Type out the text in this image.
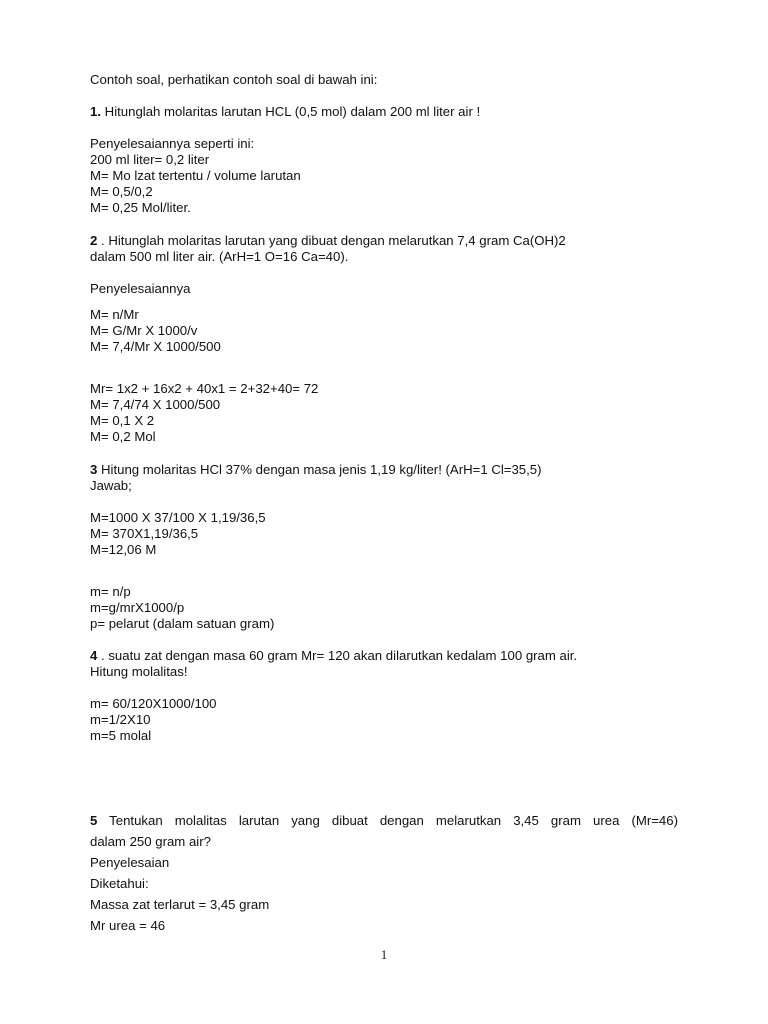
Contoh soal, perhatikan contoh soal di bawah ini:
1. Hitunglah molaritas larutan HCL (0,5 mol) dalam 200 ml liter air !
Penyelesaiannya seperti ini:
200 ml liter= 0,2 liter
M= Mo lzat tertentu / volume larutan
M= 0,5/0,2
M= 0,25 Mol/liter.
2 . Hitunglah molaritas larutan yang dibuat dengan melarutkan 7,4 gram Ca(OH)2
dalam 500 ml liter air. (ArH=1 O=16 Ca=40).
Penyelesaiannya
M= n/Mr
M= G/Mr X 1000/v
M= 7,4/Mr X 1000/500
Mr= 1x2 + 16x2 + 40x1 = 2+32+40= 72
M= 7,4/74 X 1000/500
M= 0,1 X 2
M= 0,2 Mol
3 Hitung molaritas HCl 37% dengan masa jenis 1,19 kg/liter! (ArH=1 Cl=35,5)
Jawab;
M=1000 X 37/100 X 1,19/36,5
M= 370X1,19/36,5
M=12,06 M
m= n/p
m=g/mrX1000/p
p= pelarut (dalam satuan gram)
4 . suatu zat dengan masa 60 gram Mr= 120 akan dilarutkan kedalam 100 gram air.
Hitung molalitas!
m= 60/120X1000/100
m=1/2X10
m=5 molal
5 Tentukan molalitas larutan yang dibuat dengan melarutkan 3,45 gram urea (Mr=46)
dalam 250 gram air?
Penyelesaian
Diketahui:
Massa zat terlarut = 3,45 gram
Mr urea = 46
1
